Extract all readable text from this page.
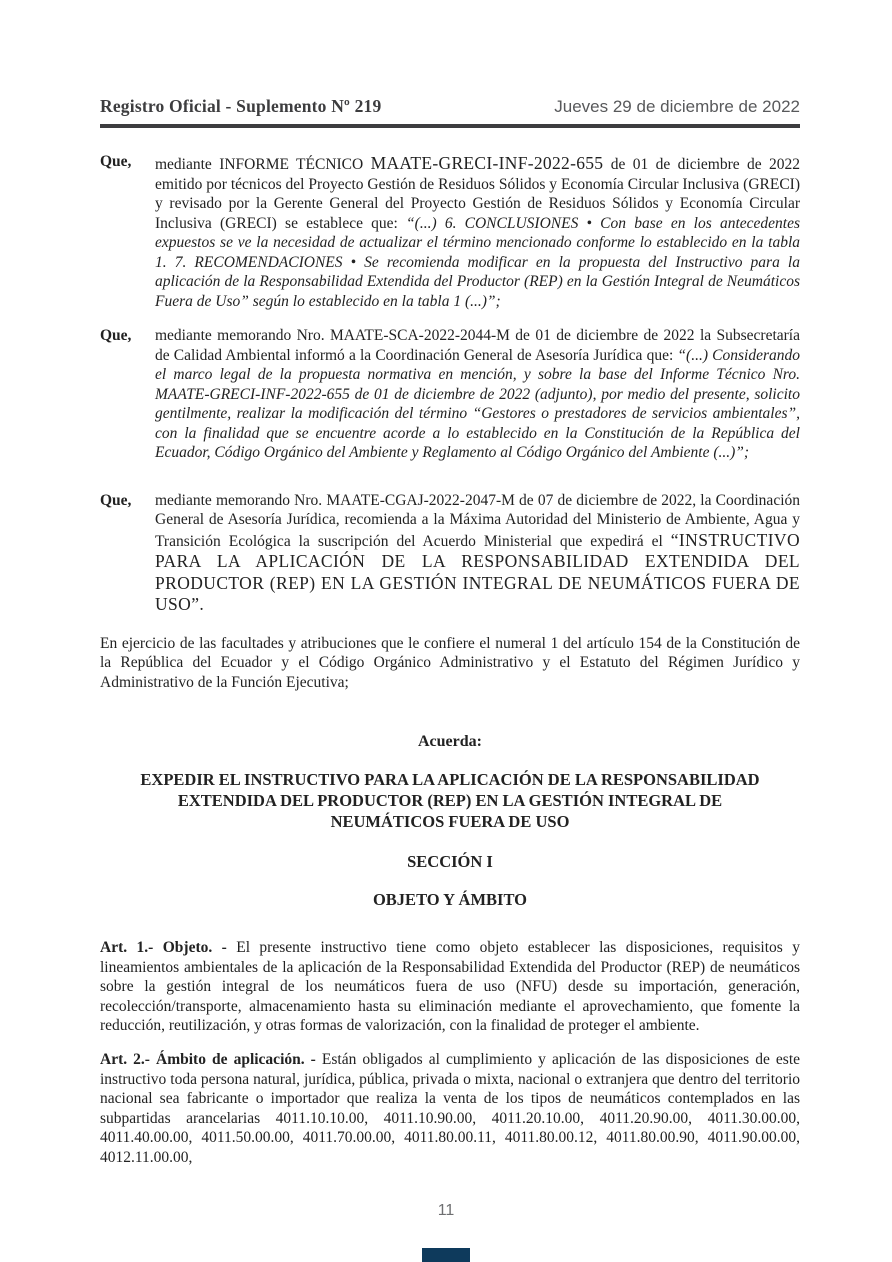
Registro Oficial - Suplemento Nº 219	Jueves 29 de diciembre de 2022
Que,	mediante INFORME TÉCNICO MAATE-GRECI-INF-2022-655 de 01 de diciembre de 2022 emitido por técnicos del Proyecto Gestión de Residuos Sólidos y Economía Circular Inclusiva (GRECI) y revisado por la Gerente General del Proyecto Gestión de Residuos Sólidos y Economía Circular Inclusiva (GRECI) se establece que: “(...) 6. CONCLUSIONES • Con base en los antecedentes expuestos se ve la necesidad de actualizar el término mencionado conforme lo establecido en la tabla 1. 7. RECOMENDACIONES • Se recomienda modificar en la propuesta del Instructivo para la aplicación de la Responsabilidad Extendida del Productor (REP) en la Gestión Integral de Neumáticos Fuera de Uso” según lo establecido en la tabla 1 (...)”;

Que,	mediante memorando Nro. MAATE-SCA-2022-2044-M de 01 de diciembre de 2022 la Subsecretaría de Calidad Ambiental informó a la Coordinación General de Asesoría Jurídica que: “(...) Considerando el marco legal de la propuesta normativa en mención, y sobre la base del Informe Técnico Nro. MAATE-GRECI-INF-2022-655 de 01 de diciembre de 2022 (adjunto), por medio del presente, solicito gentilmente, realizar la modificación del término “Gestores o prestadores de servicios ambientales”, con la finalidad que se encuentre acorde a lo establecido en la Constitución de la República del Ecuador, Código Orgánico del Ambiente y Reglamento al Código Orgánico del Ambiente (...)”;

Que,	mediante memorando Nro. MAATE-CGAJ-2022-2047-M de 07 de diciembre de 2022, la Coordinación General de Asesoría Jurídica, recomienda a la Máxima Autoridad del Ministerio de Ambiente, Agua y Transición Ecológica la suscripción del Acuerdo Ministerial que expedirá el “INSTRUCTIVO PARA LA APLICACIÓN DE LA RESPONSABILIDAD EXTENDIDA DEL PRODUCTOR (REP) EN LA GESTIÓN INTEGRAL DE NEUMÁTICOS FUERA DE USO”.

En ejercicio de las facultades y atribuciones que le confiere el numeral 1 del artículo 154 de la Constitución de la República del Ecuador y el Código Orgánico Administrativo y el Estatuto del Régimen Jurídico y Administrativo de la Función Ejecutiva;

Acuerda:
EXPEDIR EL INSTRUCTIVO PARA LA APLICACIÓN DE LA RESPONSABILIDAD EXTENDIDA DEL PRODUCTOR (REP) EN LA GESTIÓN INTEGRAL DE NEUMÁTICOS FUERA DE USO
SECCIÓN I
OBJETO Y ÁMBITO

Art. 1.- Objeto. - El presente instructivo tiene como objeto establecer las disposiciones, requisitos y lineamientos ambientales de la aplicación de la Responsabilidad Extendida del Productor (REP) de neumáticos sobre la gestión integral de los neumáticos fuera de uso (NFU) desde su importación, generación, recolección/transporte, almacenamiento hasta su eliminación mediante el aprovechamiento, que fomente la reducción, reutilización, y otras formas de valorización, con la finalidad de proteger el ambiente.

Art. 2.- Ámbito de aplicación. - Están obligados al cumplimiento y aplicación de las disposiciones de este instructivo toda persona natural, jurídica, pública, privada o mixta, nacional o extranjera que dentro del territorio nacional sea fabricante o importador que realiza la venta de los tipos de neumáticos contemplados en las subpartidas arancelarias 4011.10.10.00, 4011.10.90.00, 4011.20.10.00, 4011.20.90.00, 4011.30.00.00, 4011.40.00.00, 4011.50.00.00, 4011.70.00.00, 4011.80.00.11, 4011.80.00.12, 4011.80.00.90, 4011.90.00.00, 4012.11.00.00,

11
